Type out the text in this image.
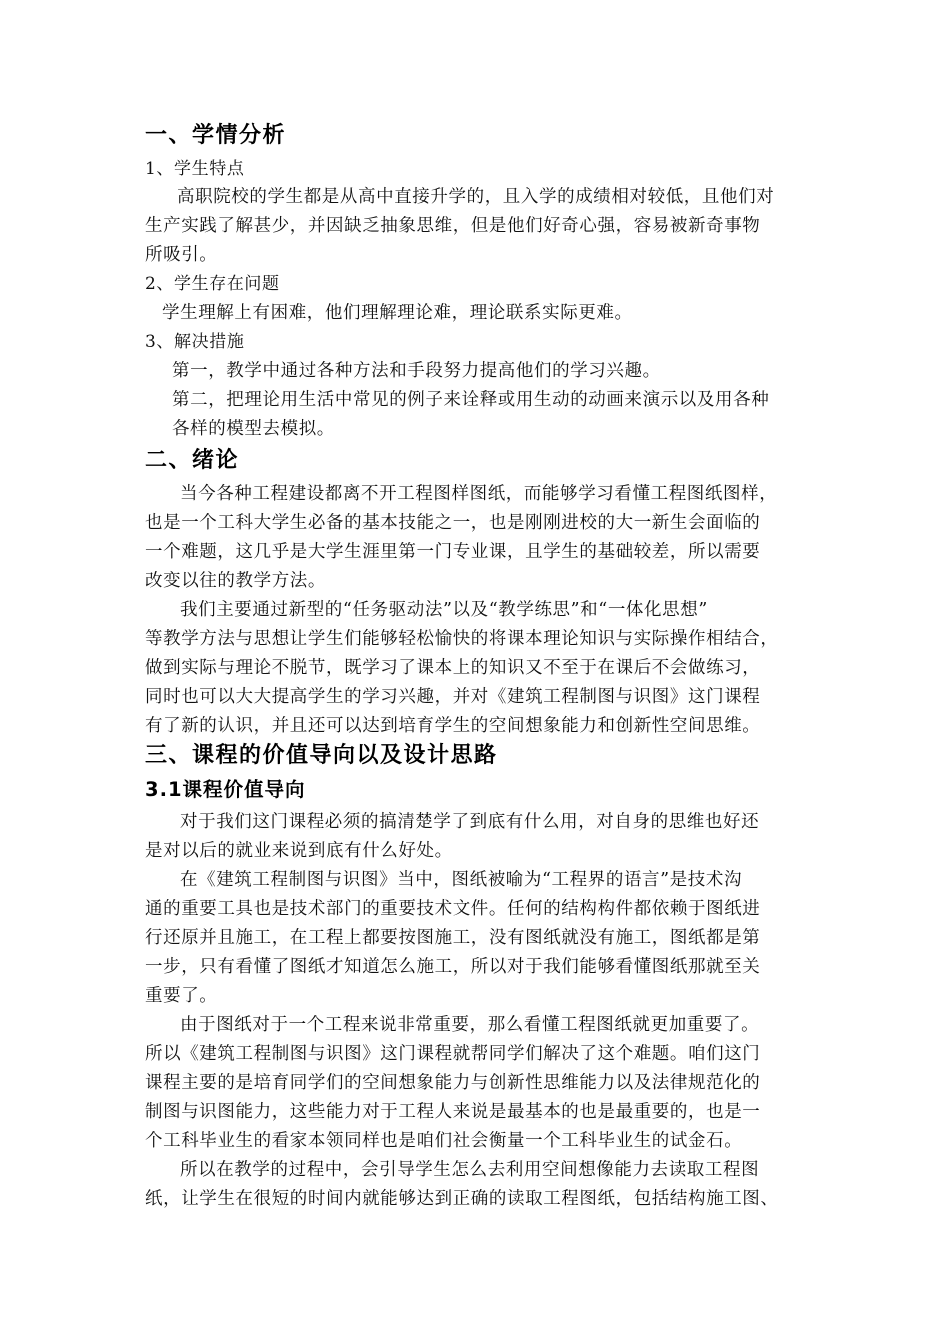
一、学情分析
1、学生特点
高职院校的学生都是从高中直接升学的，且入学的成绩相对较低，且他们对
生产实践了解甚少，并因缺乏抽象思维，但是他们好奇心强，容易被新奇事物
所吸引。
2、学生存在问题
学生理解上有困难，他们理解理论难，理论联系实际更难。
3、解决措施
第一，教学中通过各种方法和手段努力提高他们的学习兴趣。
第二，把理论用生活中常见的例子来诠释或用生动的动画来演示以及用各种
各样的模型去模拟。
二、绪论
当今各种工程建设都离不开工程图样图纸，而能够学习看懂工程图纸图样，
也是一个工科大学生必备的基本技能之一，也是刚刚进校的大一新生会面临的
一个难题，这几乎是大学生涯里第一门专业课，且学生的基础较差，所以需要
改变以往的教学方法。
我们主要通过新型的“任务驱动法”以及“教学练思”和“一体化思想”
等教学方法与思想让学生们能够轻松愉快的将课本理论知识与实际操作相结合，
做到实际与理论不脱节，既学习了课本上的知识又不至于在课后不会做练习，
同时也可以大大提高学生的学习兴趣，并对《建筑工程制图与识图》这门课程
有了新的认识，并且还可以达到培育学生的空间想象能力和创新性空间思维。
三、课程的价值导向以及设计思路
3.1课程价值导向
对于我们这门课程必须的搞清楚学了到底有什么用，对自身的思维也好还
是对以后的就业来说到底有什么好处。
在《建筑工程制图与识图》当中，图纸被喻为“工程界的语言”是技术沟
通的重要工具也是技术部门的重要技术文件。任何的结构构件都依赖于图纸进
行还原并且施工，在工程上都要按图施工，没有图纸就没有施工，图纸都是第
一步，只有看懂了图纸才知道怎么施工，所以对于我们能够看懂图纸那就至关
重要了。
由于图纸对于一个工程来说非常重要，那么看懂工程图纸就更加重要了。
所以《建筑工程制图与识图》这门课程就帮同学们解决了这个难题。咱们这门
课程主要的是培育同学们的空间想象能力与创新性思维能力以及法律规范化的
制图与识图能力，这些能力对于工程人来说是最基本的也是最重要的，也是一
个工科毕业生的看家本领同样也是咱们社会衡量一个工科毕业生的试金石。
所以在教学的过程中，会引导学生怎么去利用空间想像能力去读取工程图
纸，让学生在很短的时间内就能够达到正确的读取工程图纸，包括结构施工图、
